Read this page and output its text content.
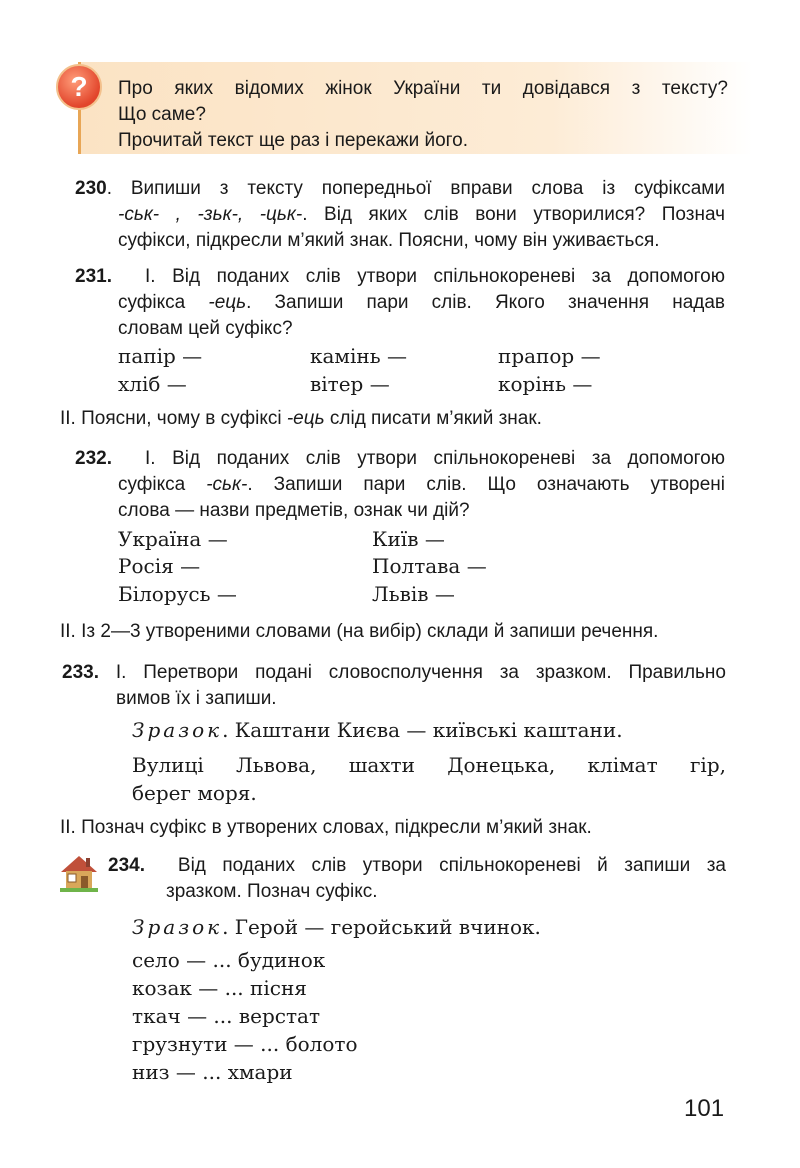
?	Про яких відомих жінок України ти довідався з тексту?
Що саме?
Прочитай текст ще раз і перекажи його.
230. Випиши з тексту попередньої вправи слова із суфіксами
-ськ- , -зьк-, -цьк-. Від яких слів вони утворилися? Познач
суфікси, підкресли м’який знак. Поясни, чому він уживається.
231. I. Від поданих слів утвори спільнокореневі за допомогою
суфікса -ець. Запиши пари слів. Якого значення надав
словам цей суфікс?
папір —	камінь —	прапор —
хліб —	вітер —	корінь —
II. Поясни, чому в суфіксі -ець слід писати м’який знак.
232. I. Від поданих слів утвори спільнокореневі за допомогою
суфікса -ськ-. Запиши пари слів. Що означають утворені
слова — назви предметів, ознак чи дій?
Україна —	Київ —
Росія —	Полтава —
Білорусь —	Львів —
II. Із 2—3 утвореними словами (на вибір) склади й запиши речення.
233. I. Перетвори подані словосполучення за зразком. Правильно
вимов їх і запиши.
Зразок. Каштани Києва — київські каштани.
Вулиці Львова, шахти Донецька, клімат гір,
берег моря.
II. Познач суфікс в утворених словах, підкресли м’який знак.
234. Від поданих слів утвори спільнокореневі й запиши за
зразком. Познач суфікс.
Зразок. Герой — геройський вчинок.
село — ... будинок
козак — ... пісня
ткач — ... верстат
грузнути — ... болото
низ — ... хмари
101
